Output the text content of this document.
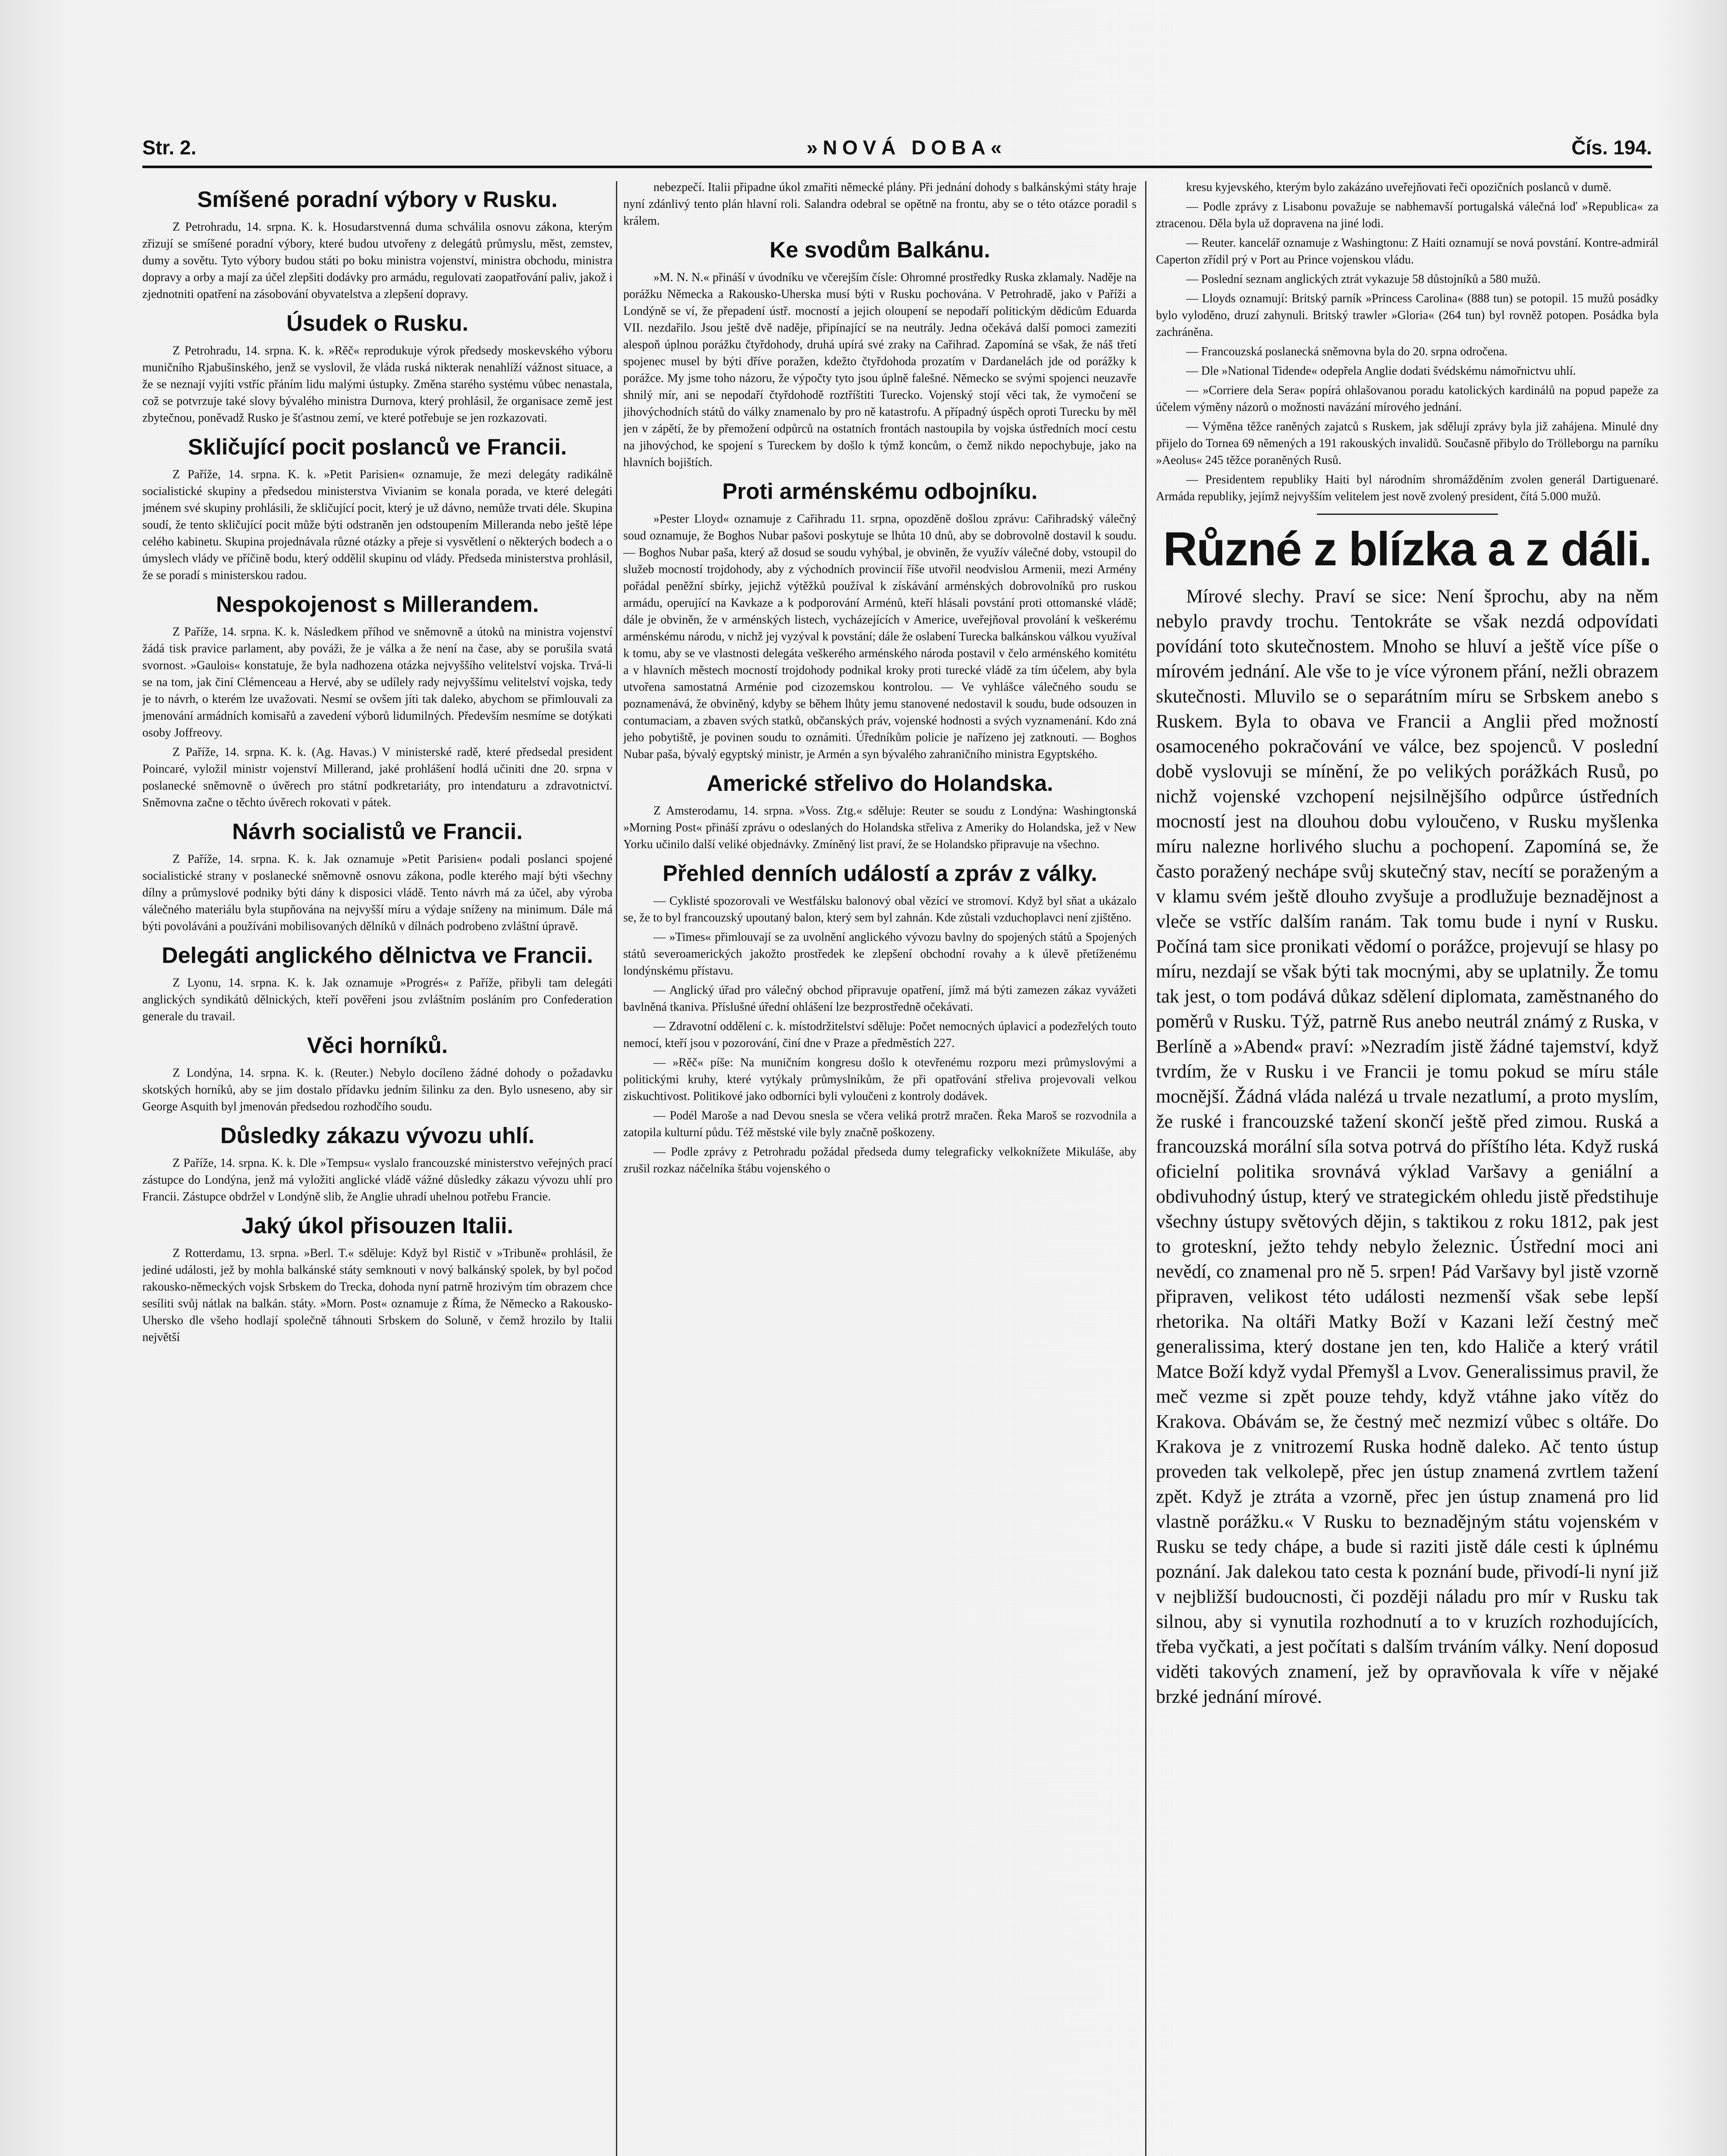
Str. 2.	»NOVÁ DOBA«	Čís. 194.
Smíšené poradní výbory v Rusku.

Z Petrohradu, 14. srpna. K. k. Hosudarstvenná duma schválila osnovu zákona, kterým zřizují se smíšené poradní výbory, které budou utvořeny z delegátů průmyslu, měst, zemstev, dumy a sovětu. Tyto výbory budou státi po boku ministra vojenství, ministra obchodu, ministra dopravy a orby a mají za účel zlepšiti dodávky pro armádu, regulovati zaopatřování paliv, jakož i zjednotniti opatření na zásobování obyvatelstva a zlepšení dopravy.

Úsudek o Rusku.

Z Petrohradu, 14. srpna. K. k. »Rěč« reprodukuje výrok předsedy moskevského výboru muničního Rjabušinského, jenž se vyslovil, že vláda ruská nikterak nenahlíží vážnost situace, a že se neznají vyjíti vstříc přáním lidu malými ústupky. Změna starého systému vůbec nenastala, což se potvrzuje také slovy bývalého ministra Durnova, který prohlásil, že organisace země jest zbytečnou, poněvadž Rusko je šťastnou zemí, ve které potřebuje se jen rozkazovati.

Skličující pocit poslanců ve Francii.

Z Paříže, 14. srpna. K. k. »Petit Parisien« oznamuje, že mezi delegáty radikálně socialistické skupiny a předsedou ministerstva Vivianim se konala porada, ve které delegáti jménem své skupiny prohlásili, že skličující pocit, který je už dávno, nemůže trvati déle. Skupina soudí, že tento skličující pocit může býti odstraněn jen odstoupením Milleranda nebo ještě lépe celého kabinetu. Skupina projednávala různé otázky a přeje si vysvětlení o některých bodech a o úmyslech vlády ve příčině bodu, který oddělil skupinu od vlády. Předseda ministerstva prohlásil, že se poradí s ministerskou radou.

Nespokojenost s Millerandem.

Z Paříže, 14. srpna. K. k. Následkem příhod ve sněmovně a útoků na ministra vojenství žádá tisk pravice parlament, aby pováži, že je válka a že není na čase, aby se porušila svatá svornost. »Gaulois« konstatuje, že byla nadhozena otázka nejvyššího velitelství vojska. Trvá-li se na tom, jak činí Clémenceau a Hervé, aby se udílely rady nejvyššímu velitelství vojska, tedy je to návrh, o kterém lze uvažovati. Nesmí se ovšem jíti tak daleko, abychom se přimlouvali za jmenování armádních komisařů a zavedení výborů lidumilných. Především nesmíme se dotýkati osoby Joffreovy.

Z Paříže, 14. srpna. K. k. (Ag. Havas.) V ministerské radě, které předsedal president Poincaré, vyložil ministr vojenství Millerand, jaké prohlášení hodlá učiniti dne 20. srpna v poslanecké sněmovně o úvěrech pro státní podkretariáty, pro intendaturu a zdravotnictví. Sněmovna začne o těchto úvěrech rokovati v pátek.

Návrh socialistů ve Francii.

Z Paříže, 14. srpna. K. k. Jak oznamuje »Petit Parisien« podali poslanci spojené socialistické strany v poslanecké sněmovně osnovu zákona, podle kterého mají býti všechny dílny a průmyslové podniky býti dány k disposici vládě. Tento návrh má za účel, aby výroba válečného materiálu byla stupňována na nejvyšší míru a výdaje sníženy na minimum. Dále má býti povoláváni a používáni mobilisovaných dělníků v dílnách podrobeno zvláštní úpravě.

Delegáti anglického dělnictva ve Francii.

Z Lyonu, 14. srpna. K. k. Jak oznamuje »Progrés« z Paříže, přibyli tam delegáti anglických syndikátů dělnických, kteří pověřeni jsou zvláštním posláním pro Confederation generale du travail.

Věci horníků.

Z Londýna, 14. srpna. K. k. (Reuter.) Nebylo docíleno žádné dohody o požadavku skotských horníků, aby se jim dostalo přídavku jedním šilinku za den. Bylo usneseno, aby sir George Asquith byl jmenován předsedou rozhodčího soudu.

Důsledky zákazu vývozu uhlí.

Z Paříže, 14. srpna. K. k. Dle »Tempsu« vyslalo francouzské ministerstvo veřejných prací zástupce do Londýna, jenž má vyložiti anglické vládě vážné důsledky zákazu vývozu uhlí pro Francii. Zástupce obdržel v Londýně slib, že Anglie uhradí uhelnou potřebu Francie.

Jaký úkol přisouzen Italii.

Z Rotterdamu, 13. srpna. »Berl. T.« sděluje: Když byl Ristič v »Tribuně« prohlásil, že jediné události, jež by mohla balkánské státy semknouti v nový balkánský spolek, by byl počod rakousko-německých vojsk Srbskem do Trecka, dohoda nyní patrně hrozivým tím obrazem chce sesíliti svůj nátlak na balkán. státy. »Morn. Post« oznamuje z Říma, že Německo a Rakousko-Uhersko dle všeho hodlají společně táhnouti Srbskem do Soluně, v čemž hrozilo by Italii největší

nebezpečí. Italii připadne úkol zmařiti německé plány. Při jednání dohody s balkánskými státy hraje nyní zdánlivý tento plán hlavní roli. Salandra odebral se opětně na frontu, aby se o této otázce poradil s králem.

Ke svodům Balkánu.

»M. N. N.« přináší v úvodníku ve včerejším čísle: Ohromné prostředky Ruska zklamaly. Naděje na porážku Německa a Rakousko-Uherska musí býti v Rusku pochována. V Petrohradě, jako v Paříži a Londýně se ví, že přepadení ústř. mocností a jejich oloupení se nepodaří politickým dědicům Eduarda VII. nezdařilo. Jsou ještě dvě naděje, připínající se na neutrály. Jedna očekává další pomoci zameziti alespoň úplnou porážku čtyřdohody, druhá upírá své zraky na Cařihrad. Zapomíná se však, že náš třetí spojenec musel by býti dříve poražen, kdežto čtyřdohoda prozatím v Dardanelách jde od porážky k porážce. My jsme toho názoru, že výpočty tyto jsou úplně falešné. Německo se svými spojenci neuzavře shnilý mír, ani se nepodaří čtyřdohodě roztříštiti Turecko. Vojenský stojí věci tak, že vymočení se jihovýchodních států do války znamenalo by pro ně katastrofu. A případný úspěch oproti Turecku by měl jen v zápětí, že by přemožení odpůrců na ostatních frontách nastoupila by vojska ústředních mocí cestu na jihovýchod, ke spojení s Tureckem by došlo k týmž koncům, o čemž nikdo nepochybuje, jako na hlavních bojištích.

Proti arménskému odbojníku.

»Pester Lloyd« oznamuje z Cařihradu 11. srpna, opozděně došlou zprávu: Cařihradský válečný soud oznamuje, že Boghos Nubar pašovi poskytuje se lhůta 10 dnů, aby se dobrovolně dostavil k soudu. — Boghos Nubar paša, který až dosud se soudu vyhýbal, je obviněn, že využív válečné doby, vstoupil do služeb mocností trojdohody, aby z východních provincií říše utvořil neodvislou Armenii, mezi Armény pořádal peněžní sbírky, jejichž výtěžků používal k získávání arménských dobrovolníků pro ruskou armádu, operující na Kavkaze a k podporování Arménů, kteří hlásali povstání proti ottomanské vládě; dále je obviněn, že v arménských listech, vycházejících v Americe, uveřejňoval provolání k veškerému arménskému národu, v nichž jej vyzýval k povstání; dále že oslabení Turecka balkánskou válkou využíval k tomu, aby se ve vlastnosti delegáta veškerého arménského národa postavil v čelo arménského komitétu a v hlavních městech mocností trojdohody podnikal kroky proti turecké vládě za tím účelem, aby byla utvořena samostatná Arménie pod cizozemskou kontrolou. — Ve vyhlášce válečného soudu se poznamenává, že obviněný, kdyby se během lhůty jemu stanovené nedostavil k soudu, bude odsouzen in contumaciam, a zbaven svých statků, občanských práv, vojenské hodnosti a svých vyznamenání. Kdo zná jeho pobytiště, je povinen soudu to oznámiti. Úředníkům policie je nařízeno jej zatknouti. — Boghos Nubar paša, bývalý egyptský ministr, je Armén a syn bývalého zahraničního ministra Egyptského.

Americké střelivo do Holandska.

Z Amsterodamu, 14. srpna. »Voss. Ztg.« sděluje: Reuter se soudu z Londýna: Washingtonská »Morning Post« přináší zprávu o odeslaných do Holandska střeliva z Ameriky do Holandska, jež v New Yorku učinilo další veliké objednávky. Zmíněný list praví, že se Holandsko připravuje na všechno.

Přehled denních událostí a zpráv z války.

— Cyklisté spozorovali ve Westfálsku balonový obal vězící ve stromoví. Když byl sňat a ukázalo se, že to byl francouzský upoutaný balon, který sem byl zahnán. Kde zůstali vzduchoplavci není zjištěno.

— »Times« přimlouvají se za uvolnění anglického vývozu bavlny do spojených států a Spojených států severoamerických jakožto prostředek ke zlepšení obchodní rovahy a k úlevě přetíženému londýnskému přístavu.

— Anglický úřad pro válečný obchod připravuje opatření, jímž má býti zamezen zákaz vyvážeti bavlněná tkaniva. Příslušné úřední ohlášení lze bezprostředně očekávati.

— Zdravotní oddělení c. k. místodržitelství sděluje: Počet nemocných úplavicí a podezřelých touto nemocí, kteří jsou v pozorování, činí dne v Praze a předměstích 227.

— »Rěč« píše: Na muničním kongresu došlo k otevřenému rozporu mezi průmyslovými a politickými kruhy, které vytýkaly průmyslníkům, že při opatřování střeliva projevovali velkou ziskuchtivost. Politikové jako odborníci byli vyloučeni z kontroly dodávek.

— Podél Maroše a nad Devou snesla se včera veliká protrž mračen. Řeka Maroš se rozvodnila a zatopila kulturní půdu. Též městské vile byly značně poškozeny.

— Podle zprávy z Petrohradu požádal předseda dumy telegraficky velkoknížete Mikuláše, aby zrušil rozkaz náčelníka štábu vojenského o

kresu kyjevského, kterým bylo zakázáno uveřejňovati řeči opozičních poslanců v dumě.

— Podle zprávy z Lisabonu považuje se nabhemavší portugalská válečná loď »Republica« za ztracenou. Děla byla už dopravena na jiné lodi.

— Reuter. kancelář oznamuje z Washingtonu: Z Haiti oznamují se nová povstání. Kontre-admirál Caperton zřídil prý v Port au Prince vojenskou vládu.

— Poslední seznam anglických ztrát vykazuje 58 důstojníků a 580 mužů.

— Lloyds oznamují: Britský parník »Princess Carolina« (888 tun) se potopil. 15 mužů posádky bylo vyloděno, druzí zahynuli. Britský trawler »Gloria« (264 tun) byl rovněž potopen. Posádka byla zachráněna.

— Francouzská poslanecká sněmovna byla do 20. srpna odročena.

— Dle »National Tidende« odepřela Anglie dodati švédskému námořnictvu uhlí.

— »Corriere dela Sera« popírá ohlašovanou poradu katolických kardinálů na popud papeže za účelem výměny názorů o možnosti navázání mírového jednání.

— Výměna těžce raněných zajatců s Ruskem, jak sdělují zprávy byla již zahájena. Minulé dny přijelo do Tornea 69 němených a 191 rakouských invalidů. Současně přibylo do Trölleborgu na parníku »Aeolus« 245 těžce poraněných Rusů.

— Presidentem republiky Haiti byl národním shromážděním zvolen generál Dartiguenaré. Armáda republiky, jejímž nejvyšším velitelem jest nově zvolený president, čítá 5.000 mužů.

Různé z blízka a z dáli.

Mírové slechy. Praví se sice: Není šprochu, aby na něm nebylo pravdy trochu. Tentokráte se však nezdá odpovídati povídání toto skutečnostem. Mnoho se hluví a ještě více píše o mírovém jednání. Ale vše to je více výronem přání, nežli obrazem skutečnosti. Mluvilo se o separátním míru se Srbskem anebo s Ruskem. Byla to obava ve Francii a Anglii před možností osamoceného pokračování ve válce, bez spojenců. V poslední době vyslovuji se mínění, že po velikých porážkách Rusů, po nichž vojenské vzchopení nejsilnějšího odpůrce ústředních mocností jest na dlouhou dobu vyloučeno, v Rusku myšlenka míru nalezne horlivého sluchu a pochopení. Zapomíná se, že často poražený nechápe svůj skutečný stav, necítí se poraženým a v klamu svém ještě dlouho zvyšuje a prodlužuje beznadějnost a vleče se vstříc dalším ranám. Tak tomu bude i nyní v Rusku. Počíná tam sice pronikati vědomí o porážce, projevují se hlasy po míru, nezdají se však býti tak mocnými, aby se uplatnily. Že tomu tak jest, o tom podává důkaz sdělení diplomata, zaměstnaného do poměrů v Rusku. Týž, patrně Rus anebo neutrál známý z Ruska, v Berlíně a »Abend« praví: »Nezradím jistě žádné tajemství, když tvrdím, že v Rusku i ve Francii je tomu pokud se míru stále mocnější. Žádná vláda nalézá u trvale nezatlumí, a proto myslím, že ruské i francouzské tažení skončí ještě před zimou. Ruská a francouzská morální síla sotva potrvá do příštího léta. Když ruská oficielní politika srovnává výklad Varšavy a geniální a obdivuhodný ústup, který ve strategickém ohledu jistě předstihuje všechny ústupy světových dějin, s taktikou z roku 1812, pak jest to groteskní, ježto tehdy nebylo železnic. Ústřední moci ani nevědí, co znamenal pro ně 5. srpen! Pád Varšavy byl jistě vzorně připraven, velikost této události nezmenší však sebe lepší rhetorika. Na oltáři Matky Boží v Kazani leží čestný meč generalissima, který dostane jen ten, kdo Haliče a který vrátil Matce Boží když vydal Přemyšl a Lvov. Generalissimus pravil, že meč vezme si zpět pouze tehdy, když vtáhne jako vítěz do Krakova. Obávám se, že čestný meč nezmizí vůbec s oltáře. Do Krakova je z vnitrozemí Ruska hodně daleko. Ač tento ústup proveden tak velkolepě, přec jen ústup znamená zvrtlem tažení zpět. Když je ztráta a vzorně, přec jen ústup znamená pro lid vlastně porážku.« V Rusku to beznadějným státu vojenském v Rusku se tedy chápe, a bude si raziti jistě dále cesti k úplnému poznání. Jak dalekou tato cesta k poznání bude, přivodí-li nyní již v nejbližší budoucnosti, či později náladu pro mír v Rusku tak silnou, aby si vynutila rozhodnutí a to v kruzích rozhodujících, třeba vyčkati, a jest počítati s dalším trváním války. Není doposud viděti takových znamení, jež by opravňovala k víře v nějaké brzké jednání mírové.
